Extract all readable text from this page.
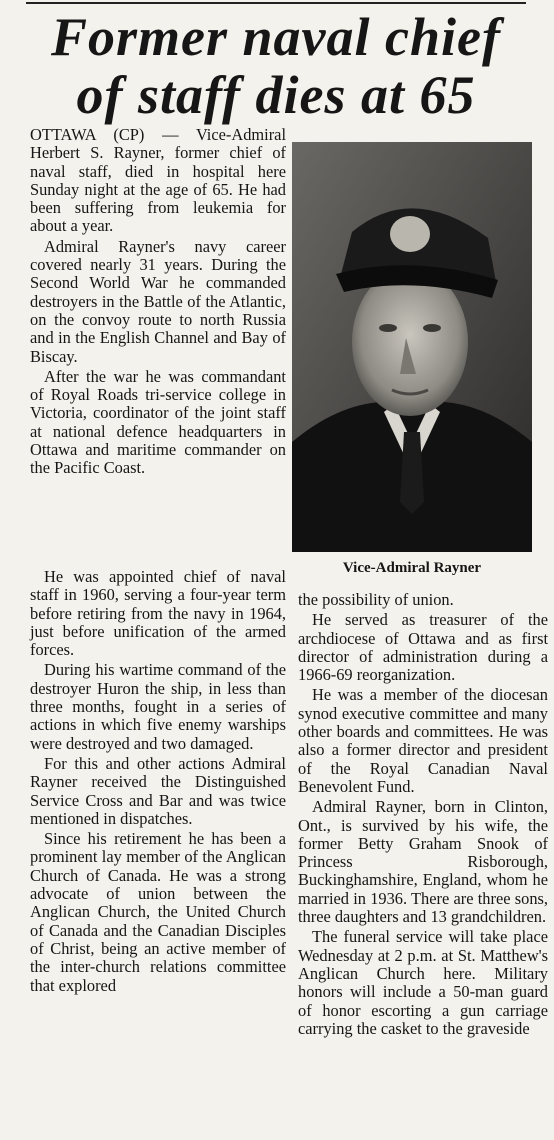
Former naval chief
of staff dies at 65

OTTAWA (CP) — Vice-Admiral Herbert S. Rayner, former chief of naval staff, died in hospital here Sunday night at the age of 65. He had been suffering from leukemia for about a year.

Admiral Rayner's navy career covered nearly 31 years. During the Second World War he commanded destroyers in the Battle of the Atlantic, on the convoy route to north Russia and in the English Channel and Bay of Biscay.

After the war he was commandant of Royal Roads tri-service college in Victoria, coordinator of the joint staff at national defence headquarters in Ottawa and maritime commander on the Pacific Coast.

Vice-Admiral Rayner

He was appointed chief of naval staff in 1960, serving a four-year term before retiring from the navy in 1964, just before unification of the armed forces.

During his wartime command of the destroyer Huron the ship, in less than three months, fought in a series of actions in which five enemy warships were destroyed and two damaged.

For this and other actions Admiral Rayner received the Distinguished Service Cross and Bar and was twice mentioned in dispatches.

Since his retirement he has been a prominent lay member of the Anglican Church of Canada. He was a strong advocate of union between the Anglican Church, the United Church of Canada and the Canadian Disciples of Christ, being an active member of the inter-church relations committee that explored

the possibility of union.

He served as treasurer of the archdiocese of Ottawa and as first director of administration during a 1966-69 reorganization.

He was a member of the diocesan synod executive committee and many other boards and committees. He was also a former director and president of the Royal Canadian Naval Benevolent Fund.

Admiral Rayner, born in Clinton, Ont., is survived by his wife, the former Betty Graham Snook of Princess Risborough, Buckinghamshire, England, whom he married in 1936. There are three sons, three daughters and 13 grandchildren.

The funeral service will take place Wednesday at 2 p.m. at St. Matthew's Anglican Church here. Military honors will include a 50-man guard of honor escorting a gun carriage carrying the casket to the graveside
